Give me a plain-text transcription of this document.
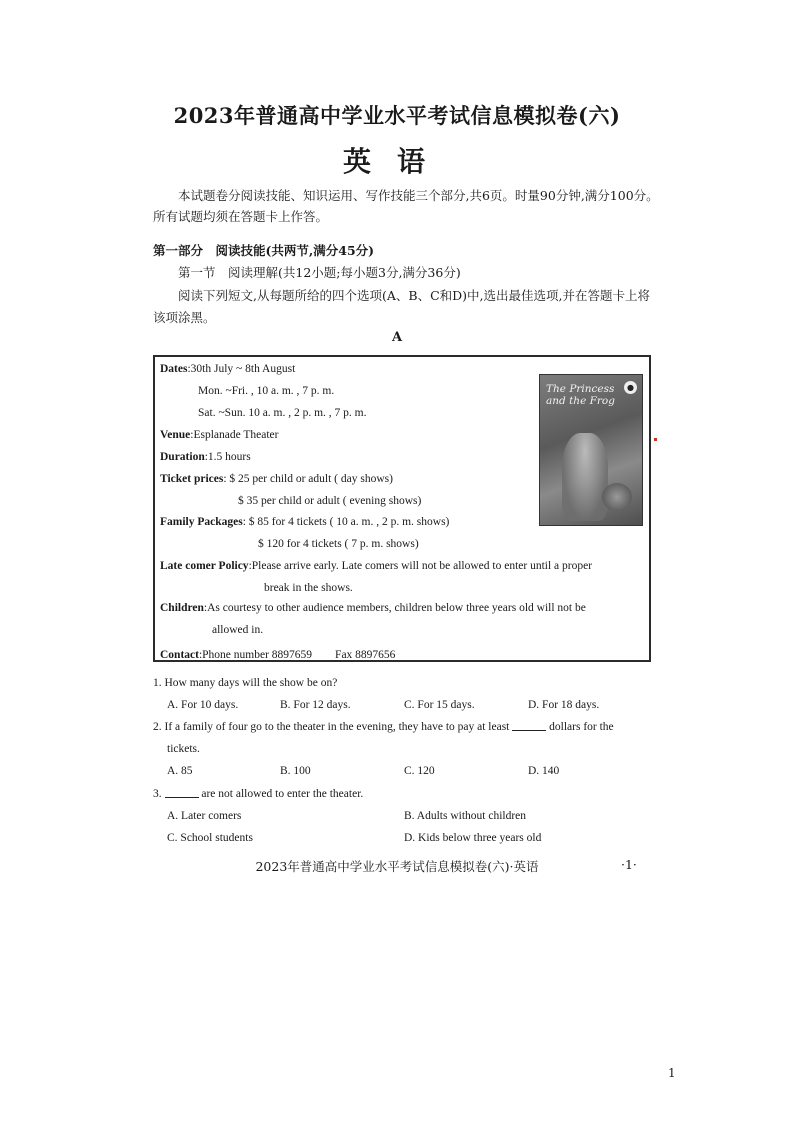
2023年普通高中学业水平考试信息模拟卷(六)
英语
本试题卷分阅读技能、知识运用、写作技能三个部分,共6页。时量90分钟,满分100分。
所有试题均须在答题卡上作答。
第一部分　阅读技能(共两节,满分45分)
第一节　阅读理解(共12小题;每小题3分,满分36分)
阅读下列短文,从每题所给的四个选项(A、B、C和D)中,选出最佳选项,并在答题卡上将
该项涂黑。
A
Dates:30th July ~ 8th August
Mon. ~Fri. , 10 a. m. , 7 p. m.
Sat. ~Sun. 10 a. m. , 2 p. m. , 7 p. m.
Venue:Esplanade Theater
Duration:1.5 hours
Ticket prices: $ 25 per child or adult ( day shows)
$ 35 per child or adult ( evening shows)
Family Packages: $ 85 for 4 tickets ( 10 a. m. , 2 p. m. shows)
$ 120 for 4 tickets ( 7 p. m. shows)
Late comer Policy:Please arrive early. Late comers will not be allowed to enter until a proper
break in the shows.
Children:As courtesy to other audience members, children below three years old will not be
allowed in.
Contact:Phone number 8897659　　Fax 8897656
The Princess and the Frog
●
1. How many days will the show be on?
A. For 10 days.	B. For 12 days.	C. For 15 days.	D. For 18 days.
2. If a family of four go to the theater in the evening, they have to pay at least	dollars for the
tickets.
A. 85	B. 100	C. 120	D. 140
3.	are not allowed to enter the theater.
A. Later comers	B. Adults without children
C. School students	D. Kids below three years old
2023年普通高中学业水平考试信息模拟卷(六)·英语	·1·
1
